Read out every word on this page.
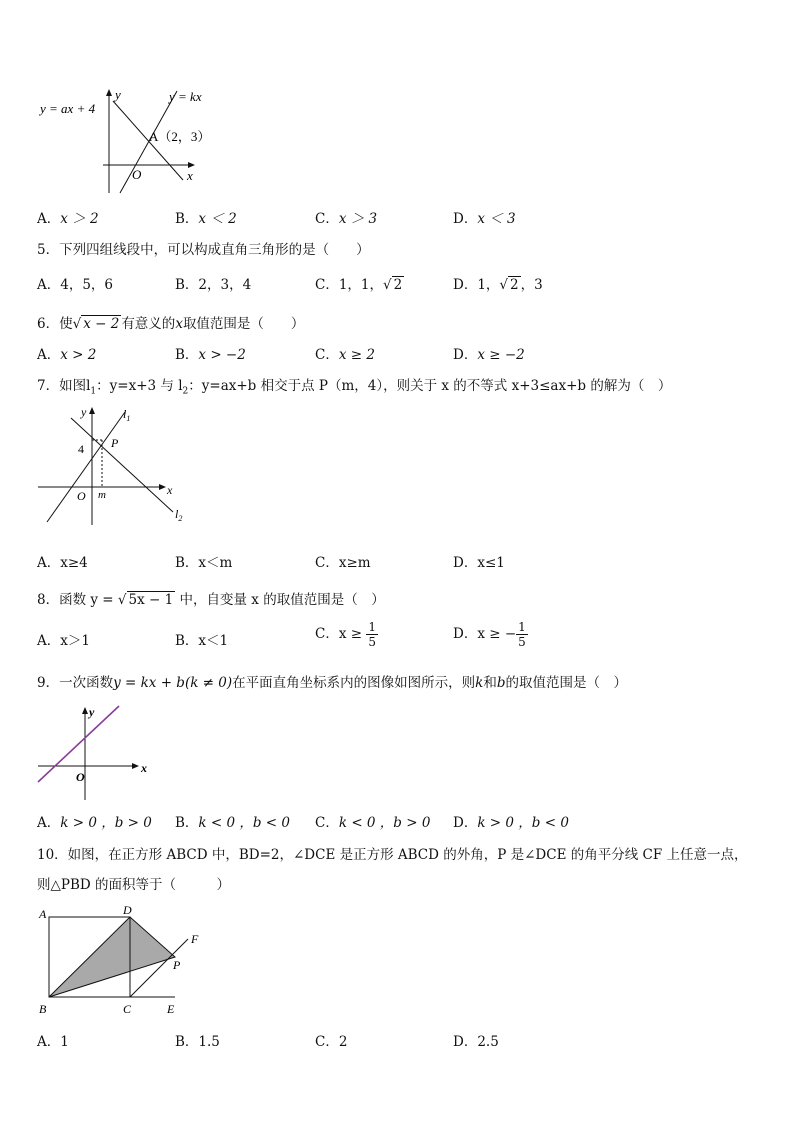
y = ax + 4
y = kx
y
x
O
A（2，3）
A．x ＞ 2	B．x ＜ 2	C．x ＞ 3	D．x ＜ 3
5．下列四组线段中，可以构成直角三角形的是（　　）
A．4，5，6	B．2，3，4	C．1，1，√ 2	D．1，√ 2 ，3
6．使√ x − 2 有意义的x取值范围是（　　）
A．x > 2	B．x > −2	C．x ≥ 2	D．x ≥ −2
7．如图$l_1$：y=x+3 与 $l_2$：y=ax+b 相交于点 P（m，4），则关于 x 的不等式 x+3≤ax+b 的解为（　）
y
x
O
P
m
4
$l_1$
$l_2$
A．x≥4	B．x＜m	C．x≥m	D．x≤1
8．函数 y = √ 5x − 1 中，自变量 x 的取值范围是（　）
A．x＞1	B．x＜1	C．$x \ge \frac{1}{5}$	D．x ≥ − $\frac{1}{5}$
9．一次函数y = kx + b(k ≠ 0)在平面直角坐标系内的图像如图所示，则k和b的取值范围是（　）
y
x
O
A．k > 0 ，b > 0 B．k < 0 ，b < 0 C．k < 0 ，b > 0 D．k > 0 ，b < 0
10．如图，在正方形 ABCD 中，BD=2，∠DCE 是正方形 ABCD 的外角，P 是∠DCE 的角平分线 CF 上任意一点，
则△PBD 的面积等于（　　　）
A	D
B	C	E
F
P
A．1	B．1.5	C．2	D．2.5
